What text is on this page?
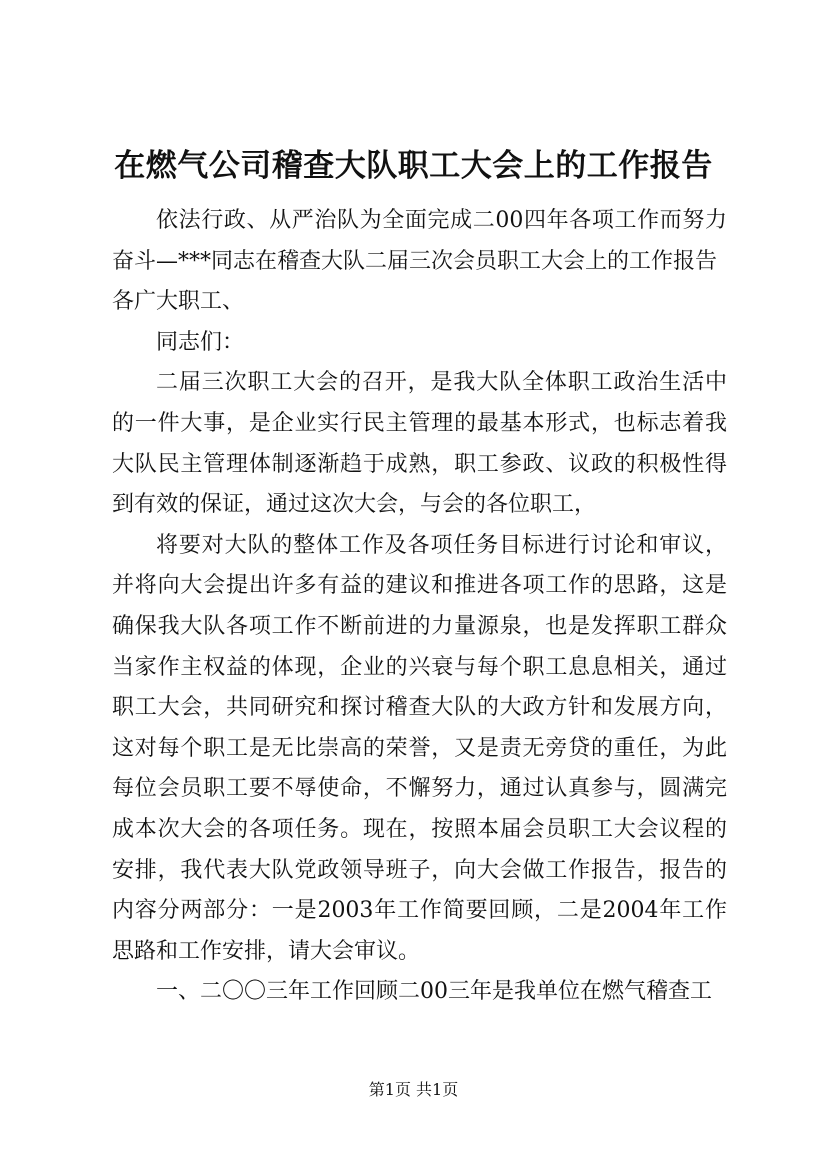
在燃气公司稽查大队职工大会上的工作报告

依法行政、从严治队为全面完成二00四年各项工作而努力奋斗—***同志在稽查大队二届三次会员职工大会上的工作报告

各广大职工、

同志们：

二届三次职工大会的召开，是我大队全体职工政治生活中的一件大事，是企业实行民主管理的最基本形式，也标志着我大队民主管理体制逐渐趋于成熟，职工参政、议政的积极性得到有效的保证，通过这次大会，与会的各位职工，

将要对大队的整体工作及各项任务目标进行讨论和审议，并将向大会提出许多有益的建议和推进各项工作的思路，这是确保我大队各项工作不断前进的力量源泉，也是发挥职工群众当家作主权益的体现，企业的兴衰与每个职工息息相关，通过职工大会，共同研究和探讨稽查大队的大政方针和发展方向，这对每个职工是无比崇高的荣誉，又是责无旁贷的重任，为此每位会员职工要不辱使命，不懈努力，通过认真参与，圆满完成本次大会的各项任务。现在，按照本届会员职工大会议程的安排，我代表大队党政领导班子，向大会做工作报告，报告的内容分两部分：一是2003年工作简要回顾，二是2004年工作思路和工作安排，请大会审议。

一、二〇〇三年工作回顾二00三年是我单位在燃气稽查工

第1页 共1页
